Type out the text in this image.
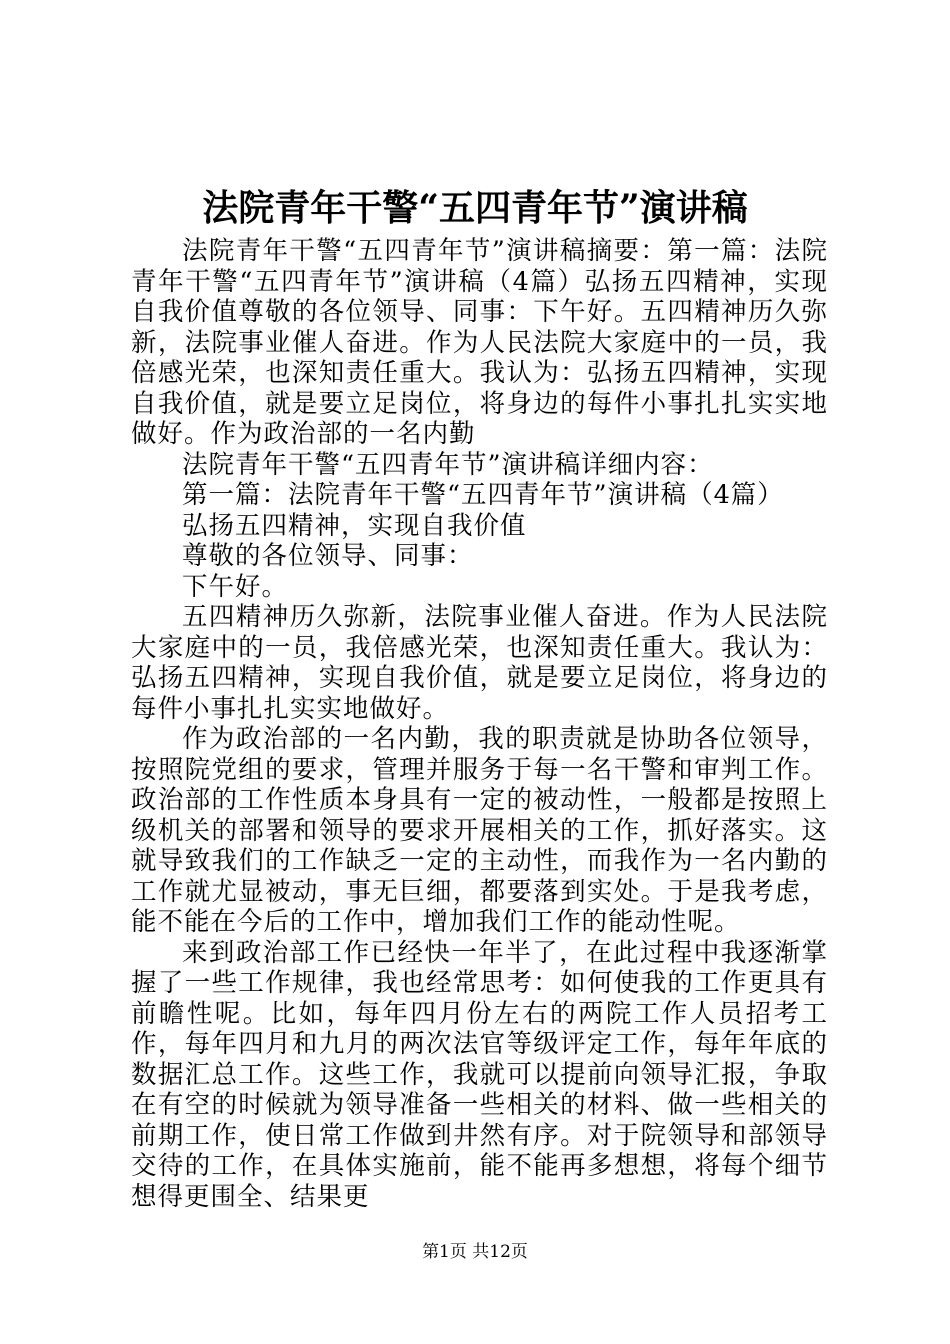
法院青年干警“五四青年节”演讲稿

法院青年干警“五四青年节”演讲稿摘要：第一篇：法院青年干警“五四青年节”演讲稿（4篇）弘扬五四精神，实现自我价值尊敬的各位领导、同事：下午好。五四精神历久弥新，法院事业催人奋进。作为人民法院大家庭中的一员，我倍感光荣，也深知责任重大。我认为：弘扬五四精神，实现自我价值，就是要立足岗位，将身边的每件小事扎扎实实地做好。作为政治部的一名内勤

法院青年干警“五四青年节”演讲稿详细内容：

第一篇：法院青年干警“五四青年节”演讲稿（4篇）

弘扬五四精神，实现自我价值

尊敬的各位领导、同事：

下午好。

五四精神历久弥新，法院事业催人奋进。作为人民法院大家庭中的一员，我倍感光荣，也深知责任重大。我认为：弘扬五四精神，实现自我价值，就是要立足岗位，将身边的每件小事扎扎实实地做好。

作为政治部的一名内勤，我的职责就是协助各位领导，按照院党组的要求，管理并服务于每一名干警和审判工作。政治部的工作性质本身具有一定的被动性，一般都是按照上级机关的部署和领导的要求开展相关的工作，抓好落实。这就导致我们的工作缺乏一定的主动性，而我作为一名内勤的工作就尤显被动，事无巨细，都要落到实处。于是我考虑，能不能在今后的工作中，增加我们工作的能动性呢。

来到政治部工作已经快一年半了，在此过程中我逐渐掌握了一些工作规律，我也经常思考：如何使我的工作更具有前瞻性呢。比如，每年四月份左右的两院工作人员招考工作，每年四月和九月的两次法官等级评定工作，每年年底的数据汇总工作。这些工作，我就可以提前向领导汇报，争取在有空的时候就为领导准备一些相关的材料、做一些相关的前期工作，使日常工作做到井然有序。对于院领导和部领导交待的工作，在具体实施前，能不能再多想想，将每个细节想得更围全、结果更

第1页 共12页
